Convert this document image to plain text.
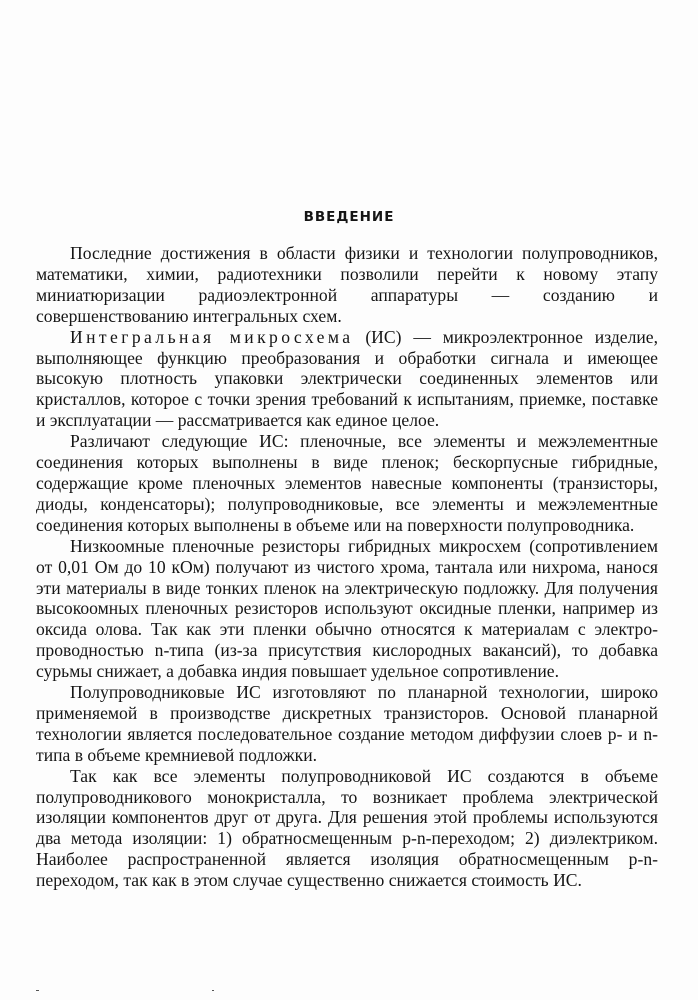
ВВЕДЕНИЕ

Последние достижения в области физики и технологии полупроводников, математики, химии, радиотехники позволили перейти к новому этапу миниатюризации радиоэлектронной аппаратуры — созданию и совершенствованию интегральных схем.

Интегральная микросхема (ИС) — микроэлектронное изделие, выполняющее функцию преобразования и обработки сигнала и имеющее высокую плотность упаковки электрически соединенных элементов или кристаллов, которое с точки зрения требований к испытаниям, приемке, поставке и эксплуатации — рассматривается как единое целое.

Различают следующие ИС: пленочные, все элементы и межэлементные соединения которых выполнены в виде пленок; бескорпусные гибридные, содержащие кроме пленочных элементов навесные компоненты (транзисторы, диоды, конденсаторы); полупроводниковые, все элементы и межэлементные соединения которых выполнены в объеме или на поверхности полупроводника.

Низкоомные пленочные резисторы гибридных микросхем (сопротивлением от 0,01 Ом до 10 кОм) получают из чистого хрома, тантала или нихрома, нанося эти материалы в виде тонких пленок на электрическую подложку. Для получения высокоомных пленочных резисторов используют оксидные пленки, например из оксида олова. Так как эти пленки обычно относятся к материалам с электропроводностью n-типа (из-за присутствия кислородных вакансий), то добавка сурьмы снижает, а добавка индия повышает удельное сопротивление.

Полупроводниковые ИС изготовляют по планарной технологии, широко применяемой в производстве дискретных транзисторов. Основой планарной технологии является последовательное создание методом диффузии слоев p- и n-типа в объеме кремниевой подложки.

Так как все элементы полупроводниковой ИС создаются в объеме полупроводникового монокристалла, то возникает проблема электрической изоляции компонентов друг от друга. Для решения этой проблемы используются два метода изоляции: 1) обратносмещенным p-n-переходом; 2) диэлектриком. Наиболее распространенной является изоляция обратносмещенным p-n-переходом, так как в этом случае существенно снижается стоимость ИС.
